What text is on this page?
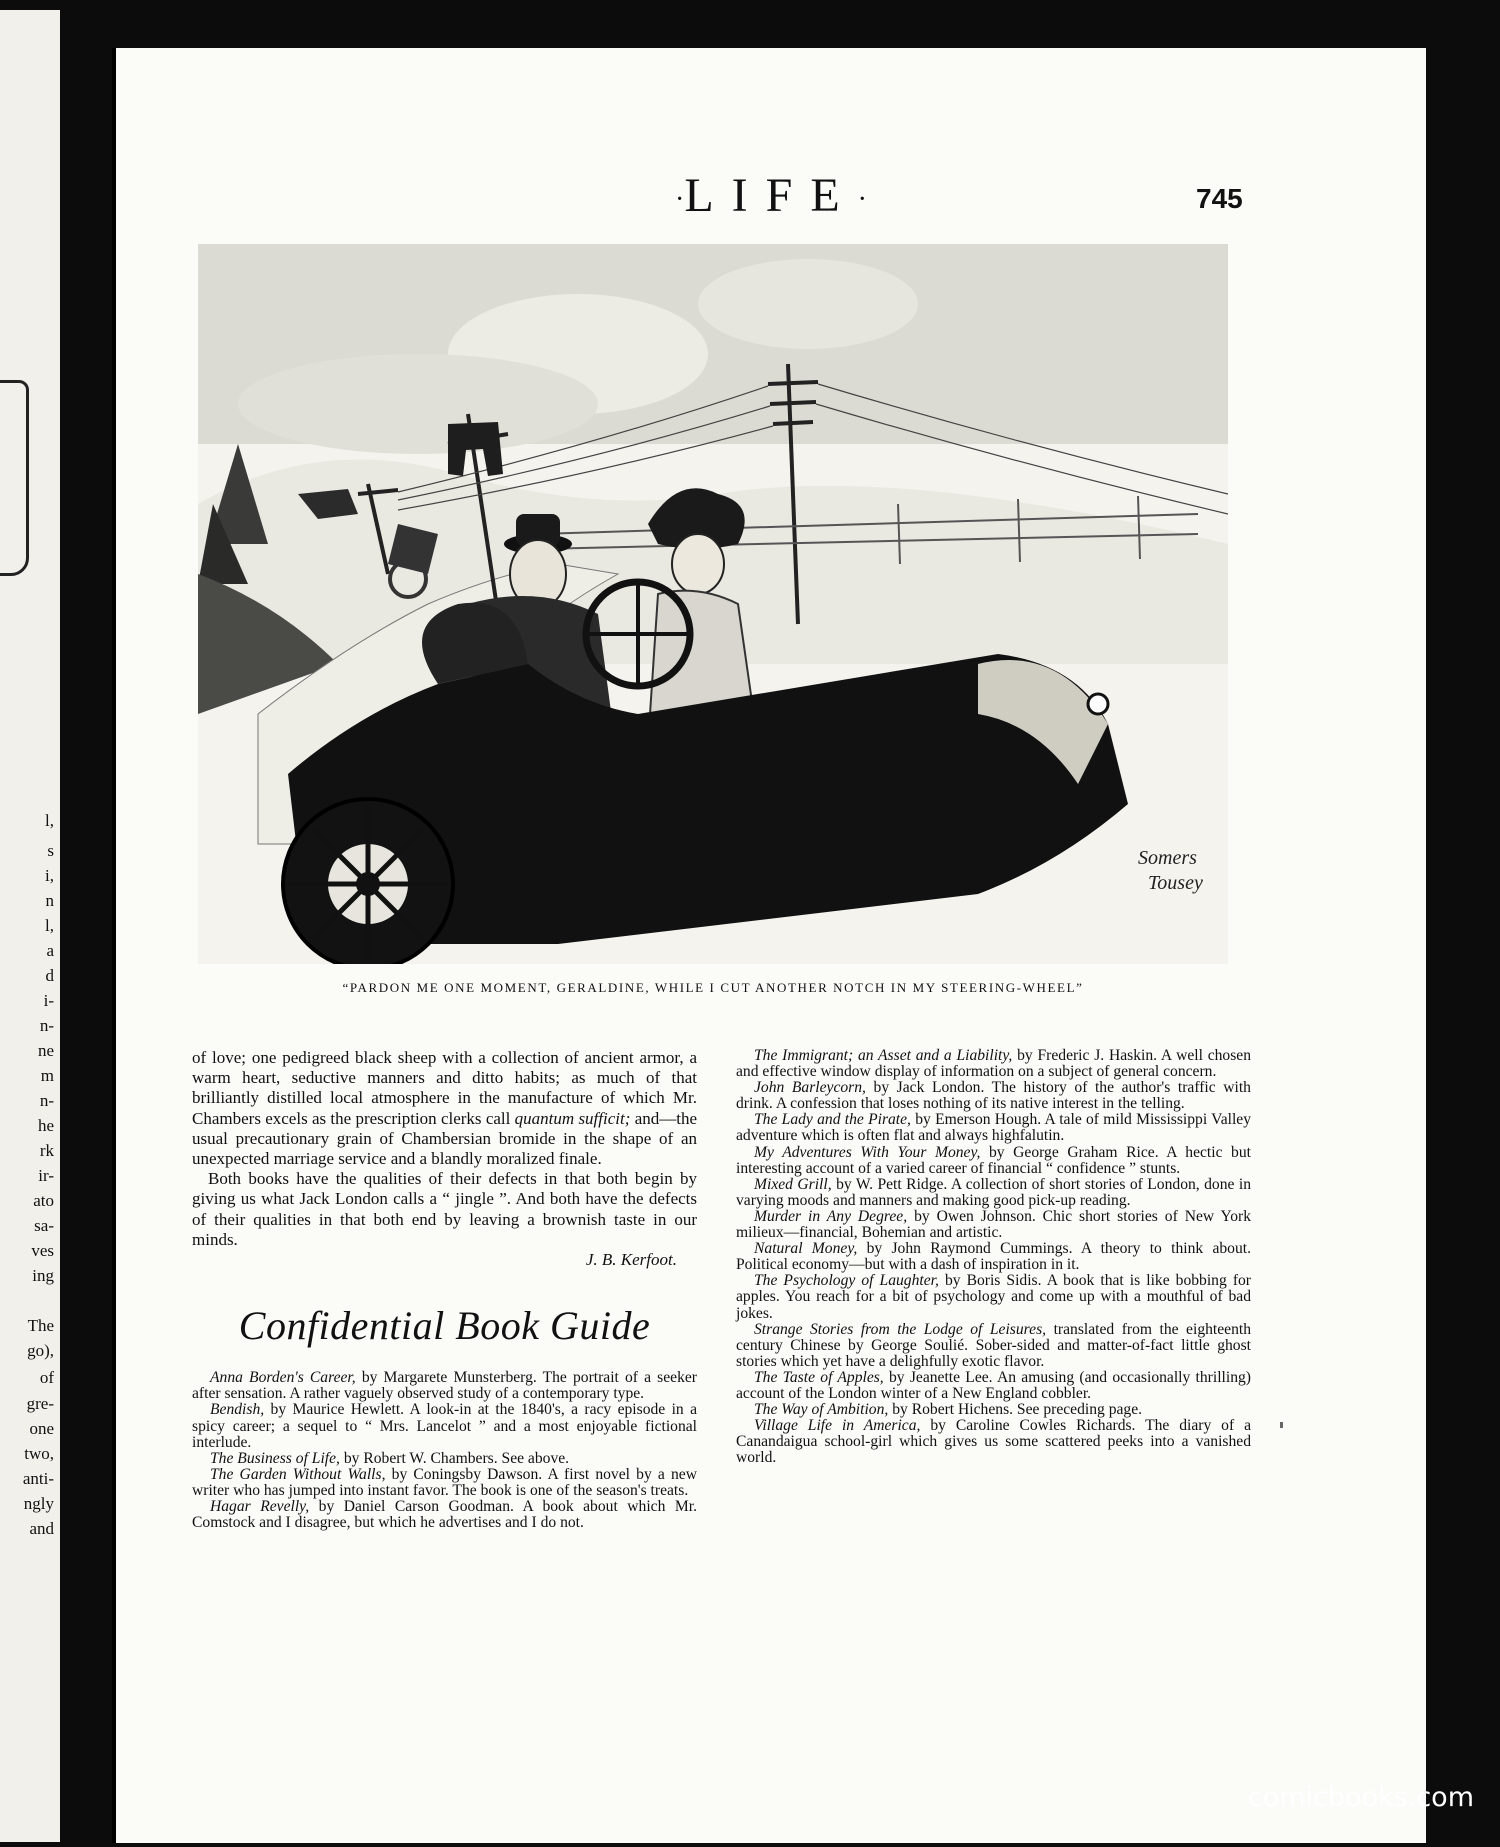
l,
s
i,
n
l,
a
d
i-
n-
ne
m
n-
he
rk
ir-
ato
sa-
ves
ing
The
go),
of
gre-
one
two,
anti-
ngly
and
·LIFE·	745
Somers
Tousey
“PARDON ME ONE MOMENT, GERALDINE, WHILE I CUT ANOTHER NOTCH IN MY STEERING-WHEEL”

of love; one pedigreed black sheep with a collection of ancient armor, a warm heart, seductive manners and ditto habits; as much of that brilliantly distilled local atmosphere in the manufacture of which Mr. Chambers excels as the prescription clerks call quantum sufficit; and—the usual precautionary grain of Chambersian bromide in the shape of an unexpected marriage service and a blandly moralized finale.

Both books have the qualities of their defects in that both begin by giving us what Jack London calls a “ jingle ”. And both have the defects of their qualities in that both end by leaving a brownish taste in our minds.

J. B. Kerfoot.

Confidential Book Guide

Anna Borden's Career, by Margarete Munsterberg. The portrait of a seeker after sensation. A rather vaguely observed study of a contemporary type.

Bendish, by Maurice Hewlett. A look-in at the 1840's, a racy episode in a spicy career; a sequel to “ Mrs. Lancelot ” and a most enjoyable fictional interlude.

The Business of Life, by Robert W. Chambers. See above.

The Garden Without Walls, by Coningsby Dawson. A first novel by a new writer who has jumped into instant favor. The book is one of the season's treats.

Hagar Revelly, by Daniel Carson Goodman. A book about which Mr. Comstock and I disagree, but which he advertises and I do not.

The Immigrant; an Asset and a Liability, by Frederic J. Haskin. A well chosen and effective window display of information on a subject of general concern.

John Barleycorn, by Jack London. The history of the author's traffic with drink. A confession that loses nothing of its native interest in the telling.

The Lady and the Pirate, by Emerson Hough. A tale of mild Mississippi Valley adventure which is often flat and always highfalutin.

My Adventures With Your Money, by George Graham Rice. A hectic but interesting account of a varied career of financial “ confidence ” stunts.

Mixed Grill, by W. Pett Ridge. A collection of short stories of London, done in varying moods and manners and making good pick-up reading.

Murder in Any Degree, by Owen Johnson. Chic short stories of New York milieux—financial, Bohemian and artistic.

Natural Money, by John Raymond Cummings. A theory to think about. Political economy—but with a dash of inspiration in it.

The Psychology of Laughter, by Boris Sidis. A book that is like bobbing for apples. You reach for a bit of psychology and come up with a mouthful of bad jokes.

Strange Stories from the Lodge of Leisures, translated from the eighteenth century Chinese by George Soulié. Sober-sided and matter-of-fact little ghost stories which yet have a delighfully exotic flavor.

The Taste of Apples, by Jeanette Lee. An amusing (and occasionally thrilling) account of the London winter of a New England cobbler.

The Way of Ambition, by Robert Hichens. See preceding page.

Village Life in America, by Caroline Cowles Richards. The diary of a Canandaigua school-girl which gives us some scattered peeks into a vanished world.

comicbooks.com
